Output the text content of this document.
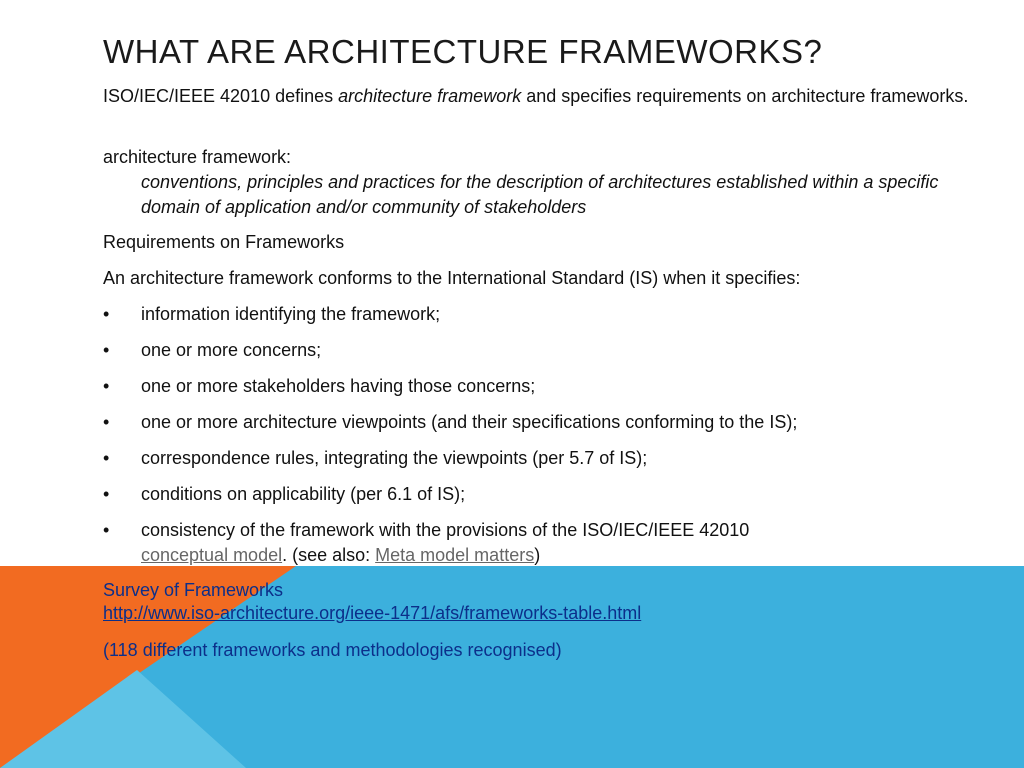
WHAT ARE ARCHITECTURE FRAMEWORKS?

ISO/IEC/IEEE 42010 defines architecture framework and specifies requirements on architecture frameworks.

architecture framework:
conventions, principles and practices for the description of architectures established within a specific domain of application and/or community of stakeholders
Requirements on Frameworks
An architecture framework conforms to the International Standard (IS) when it specifies:
• information identifying the framework;
• one or more concerns;
• one or more stakeholders having those concerns;
• one or more architecture viewpoints (and their specifications conforming to the IS);
• correspondence rules, integrating the viewpoints (per 5.7 of IS);
• conditions on applicability (per 6.1 of IS);
• consistency of the framework with the provisions of the ISO/IEC/IEEE 42010
conceptual model. (see also: Meta model matters)
Survey of Frameworks
http://www.iso-architecture.org/ieee-1471/afs/frameworks-table.html
(118 different frameworks and methodologies recognised)
